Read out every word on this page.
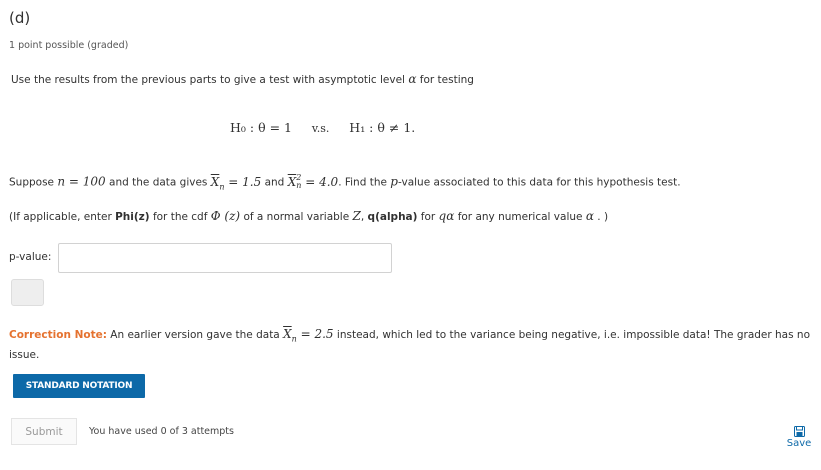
(d)
1 point possible (graded)
Use the results from the previous parts to give a test with asymptotic level α for testing
H₀ : θ = 1 v.s. H₁ : θ ≠ 1.
Suppose n = 100 and the data gives $\overline{X}_n = 1.5$ and $\overline{X}$ 2
n = 4.0. Find the p-value associated to this data for this hypothesis test.
(If applicable, enter Phi(z) for the cdf Φ (z) of a normal variable Z, q(alpha) for qα for any numerical value α . )
p-value:
Correction Note: An earlier version gave the data $\overline{X}_n = 2.5$ instead, which led to the variance being negative, i.e. impossible data! The grader has no issue.
STANDARD NOTATION
Submit	You have used 0 of 3 attempts
Save
